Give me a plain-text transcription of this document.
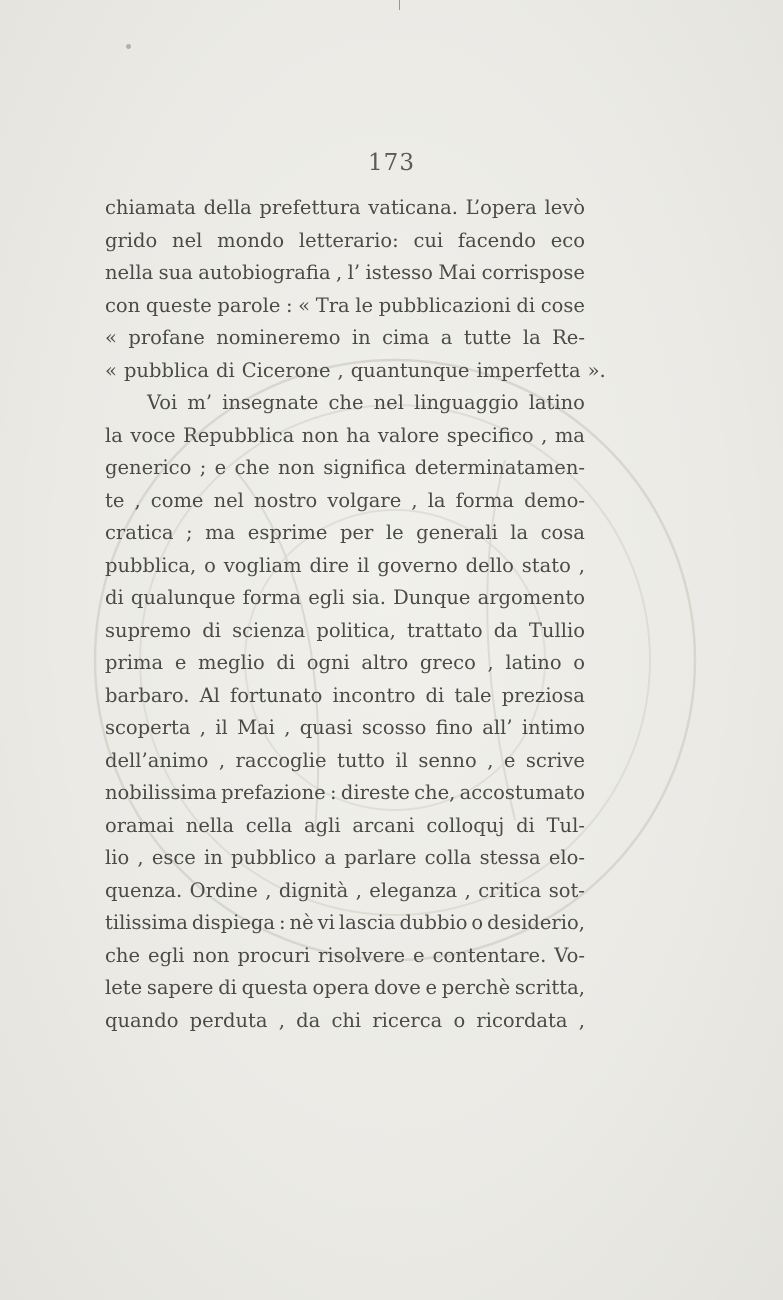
173
chiamata della prefettura vaticana. L’opera levò
grido nel mondo letterario: cui facendo eco
nella sua autobiografia , l’ istesso Mai corrispose
con queste parole : « Tra le pubblicazioni di cose
« profane nomineremo in cima a tutte la Re-
« pubblica di Cicerone , quantunque imperfetta ».
Voi m’ insegnate che nel linguaggio latino
la voce Repubblica non ha valore specifico , ma
generico ; e che non significa determinatamen-
te , come nel nostro volgare , la forma demo-
cratica ; ma esprime per le generali la cosa
pubblica, o vogliam dire il governo dello stato ,
di qualunque forma egli sia. Dunque argomento
supremo di scienza politica, trattato da Tullio
prima e meglio di ogni altro greco , latino o
barbaro. Al fortunato incontro di tale preziosa
scoperta , il Mai , quasi scosso fino all’ intimo
dell’animo , raccoglie tutto il senno , e scrive
nobilissima prefazione : direste che, accostumato
oramai nella cella agli arcani colloquj di Tul-
lio , esce in pubblico a parlare colla stessa elo-
quenza. Ordine , dignità , eleganza , critica sot-
tilissima dispiega : nè vi lascia dubbio o desiderio,
che egli non procuri risolvere e contentare. Vo-
lete sapere di questa opera dove e perchè scritta,
quando perduta , da chi ricerca o ricordata ,
